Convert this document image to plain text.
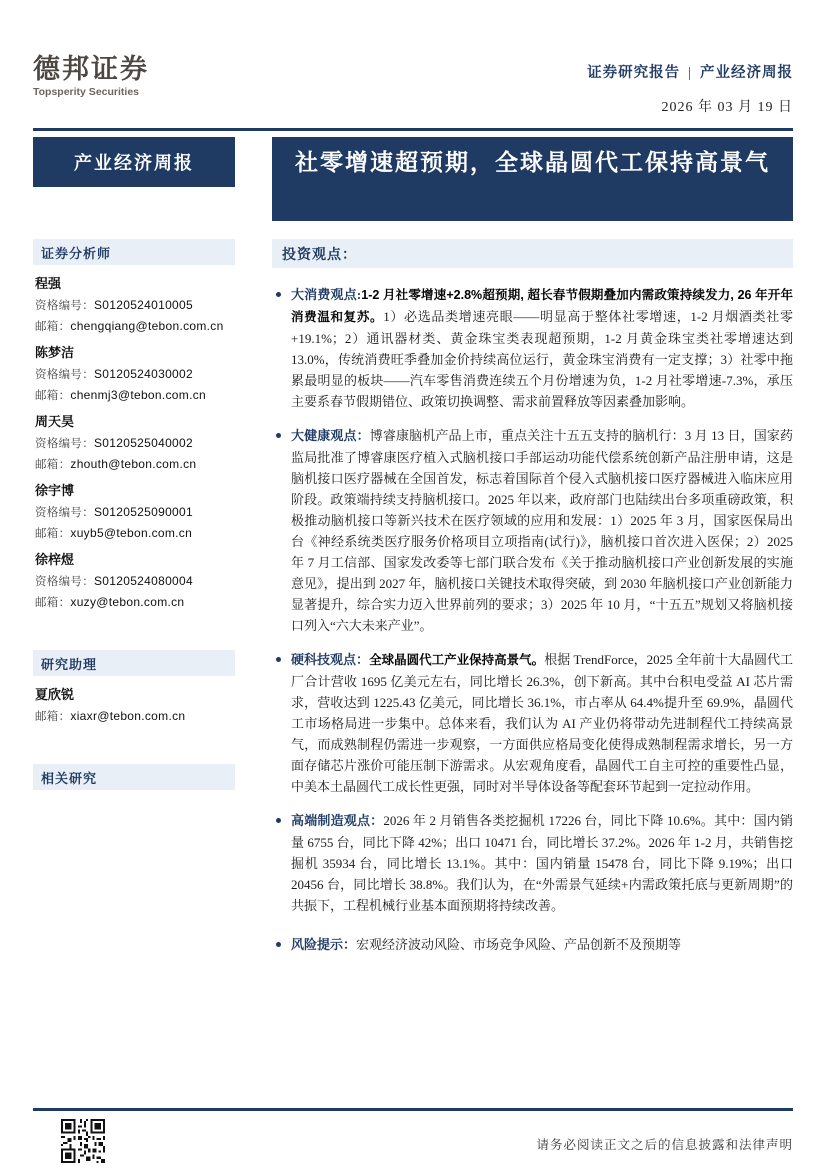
德邦证券
Topsperity Securities
证券研究报告 | 产业经济周报
2026 年 03 月 19 日
产业经济周报	社零增速超预期，全球晶圆代工保持高景气
证券分析师
程强
资格编号：S0120524010005
邮箱：chengqiang@tebon.com.cn
陈梦洁
资格编号：S0120524030002
邮箱：chenmj3@tebon.com.cn
周天昊
资格编号：S0120525040002
邮箱：zhouth@tebon.com.cn
徐宇博
资格编号：S0120525090001
邮箱：xuyb5@tebon.com.cn
徐梓煜
资格编号：S0120524080004
邮箱：xuzy@tebon.com.cn
研究助理
夏欣锐
邮箱：xiaxr@tebon.com.cn
相关研究
投资观点：
大消费观点:1-2 月社零增速+2.8%超预期, 超长春节假期叠加内需政策持续发力, 26 年开年消费温和复苏。1）必选品类增速亮眼——明显高于整体社零增速，1-2 月烟酒类社零+19.1%；2）通讯器材类、黄金珠宝类表现超预期，1-2 月黄金珠宝类社零增速达到 13.0%，传统消费旺季叠加金价持续高位运行，黄金珠宝消费有一定支撑；3）社零中拖累最明显的板块——汽车零售消费连续五个月份增速为负，1-2 月社零增速-7.3%，承压主要系春节假期错位、政策切换调整、需求前置释放等因素叠加影响。
大健康观点：博睿康脑机产品上市，重点关注十五五支持的脑机行：3 月 13 日，国家药监局批准了博睿康医疗植入式脑机接口手部运动功能代偿系统创新产品注册申请，这是脑机接口医疗器械在全国首发，标志着国际首个侵入式脑机接口医疗器械进入临床应用阶段。政策端持续支持脑机接口。2025 年以来，政府部门也陆续出台多项重磅政策，积极推动脑机接口等新兴技术在医疗领域的应用和发展：1）2025 年 3 月，国家医保局出台《神经系统类医疗服务价格项目立项指南(试行)》，脑机接口首次进入医保；2）2025 年 7 月工信部、国家发改委等七部门联合发布《关于推动脑机接口产业创新发展的实施意见》，提出到 2027 年，脑机接口关键技术取得突破，到 2030 年脑机接口产业创新能力显著提升，综合实力迈入世界前列的要求；3）2025 年 10 月，“十五五”规划又将脑机接口列入“六大未来产业”。
硬科技观点：全球晶圆代工产业保持高景气。根据 TrendForce，2025 全年前十大晶圆代工厂合计营收 1695 亿美元左右，同比增长 26.3%，创下新高。其中台积电受益 AI 芯片需求，营收达到 1225.43 亿美元，同比增长 36.1%，市占率从 64.4%提升至 69.9%，晶圆代工市场格局进一步集中。总体来看，我们认为 AI 产业仍将带动先进制程代工持续高景气，而成熟制程仍需进一步观察，一方面供应格局变化使得成熟制程需求增长，另一方面存储芯片涨价可能压制下游需求。从宏观角度看，晶圆代工自主可控的重要性凸显，中美本土晶圆代工成长性更强，同时对半导体设备等配套环节起到一定拉动作用。
高端制造观点：2026 年 2 月销售各类挖掘机 17226 台，同比下降 10.6%。其中：国内销量 6755 台，同比下降 42%；出口 10471 台，同比增长 37.2%。2026 年 1-2 月，共销售挖掘机 35934 台，同比增长 13.1%。其中：国内销量 15478 台，同比下降 9.19%；出口 20456 台，同比增长 38.8%。我们认为，在“外需景气延续+内需政策托底与更新周期”的共振下，工程机械行业基本面预期将持续改善。
风险提示：宏观经济波动风险、市场竞争风险、产品创新不及预期等
请务必阅读正文之后的信息披露和法律声明
